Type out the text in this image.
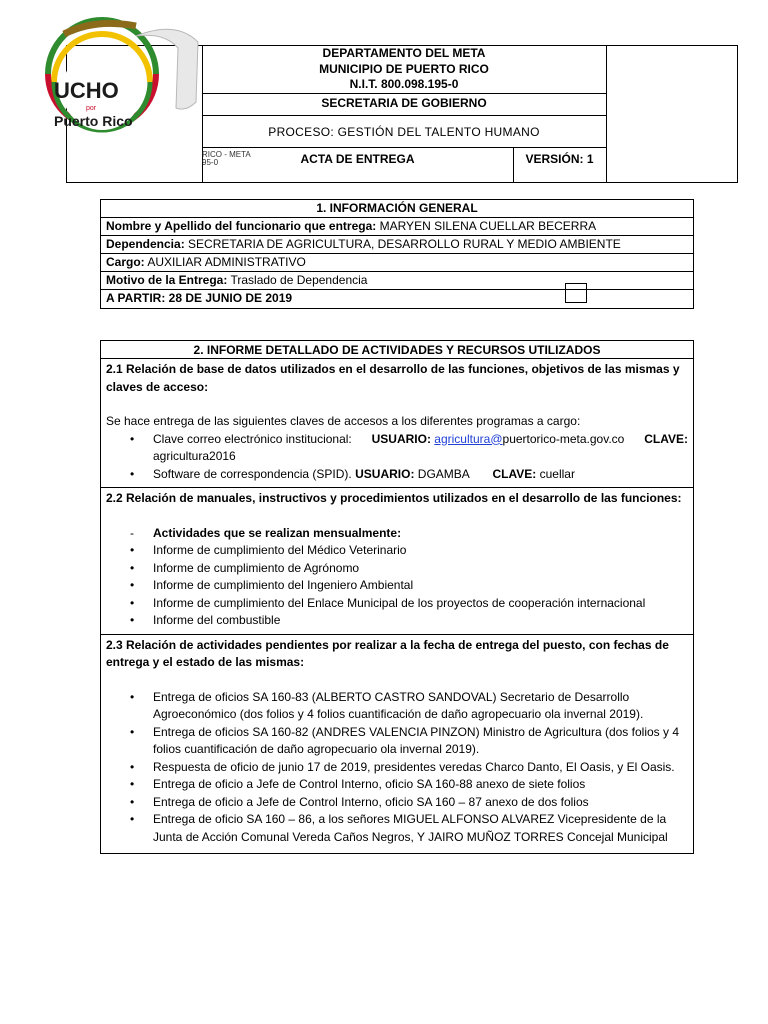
DEPARTAMENTO DEL META
MUNICIPIO DE PUERTO RICO
N.I.T. 800.098.195-0
SECRETARIA DE GOBIERNO
PROCESO: GESTIÓN DEL TALENTO HUMANO
ACTA DE ENTREGA	VERSIÓN: 1
UCHO
por
Puerto Rico
RICO - META
95-0
1. INFORMACIÓN GENERAL
Nombre y Apellido del funcionario que entrega: MARYEN SILENA CUELLAR BECERRA
Dependencia: SECRETARIA DE AGRICULTURA, DESARROLLO RURAL Y MEDIO AMBIENTE
Cargo: AUXILIAR ADMINISTRATIVO
Motivo de la Entrega: Traslado de Dependencia
A PARTIR: 28 DE JUNIO DE 2019
2. INFORME DETALLADO DE ACTIVIDADES Y RECURSOS UTILIZADOS

2.1 Relación de base de datos utilizados en el desarrollo de las funciones, objetivos de las mismas y

claves de acceso:

Se hace entrega de las siguientes claves de accesos a los diferentes programas a cargo:

• Clave correo electrónico institucional: USUARIO: agricultura@puertorico-meta.gov.co CLAVE:
agricultura2016
• Software de correspondencia (SPID). USUARIO: DGAMBA CLAVE: cuellar

2.2 Relación de manuales, instructivos y procedimientos utilizados en el desarrollo de las funciones:

- Actividades que se realizan mensualmente:
• Informe de cumplimiento del Médico Veterinario
• Informe de cumplimiento de Agrónomo
• Informe de cumplimiento del Ingeniero Ambiental
• Informe de cumplimiento del Enlace Municipal de los proyectos de cooperación internacional
• Informe del combustible

2.3 Relación de actividades pendientes por realizar a la fecha de entrega del puesto, con fechas de

entrega y el estado de las mismas:

• Entrega de oficios SA 160-83 (ALBERTO CASTRO SANDOVAL) Secretario de Desarrollo
Agroeconómico (dos folios y 4 folios cuantificación de daño agropecuario ola invernal 2019).
• Entrega de oficios SA 160-82 (ANDRES VALENCIA PINZON) Ministro de Agricultura (dos folios y 4
folios cuantificación de daño agropecuario ola invernal 2019).
• Respuesta de oficio de junio 17 de 2019, presidentes veredas Charco Danto, El Oasis, y El Oasis.
• Entrega de oficio a Jefe de Control Interno, oficio SA 160-88 anexo de siete folios
• Entrega de oficio a Jefe de Control Interno, oficio SA 160 – 87 anexo de dos folios
• Entrega de oficio SA 160 – 86, a los señores MIGUEL ALFONSO ALVAREZ Vicepresidente de la
Junta de Acción Comunal Vereda Caños Negros, Y JAIRO MUÑOZ TORRES Concejal Municipal
